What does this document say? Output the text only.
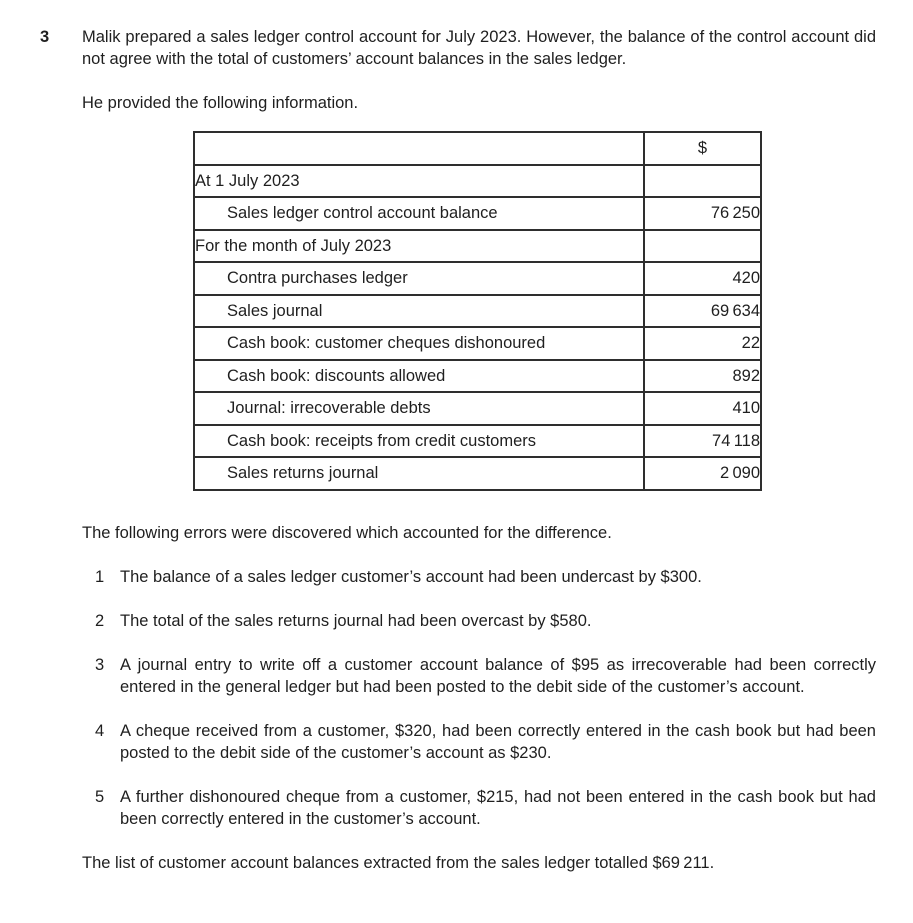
3 Malik prepared a sales ledger control account for July 2023. However, the balance of the control account did not agree with the total of customers’ account balances in the sales ledger.
He provided the following information.
	$
At 1 July 2023	
Sales ledger control account balance	76 250
For the month of July 2023	
Contra purchases ledger	420
Sales journal	69 634
Cash book: customer cheques dishonoured	22
Cash book: discounts allowed	892
Journal: irrecoverable debts	410
Cash book: receipts from credit customers	74 118
Sales returns journal	2 090
The following errors were discovered which accounted for the difference.
1 The balance of a sales ledger customer’s account had been undercast by $300.
2 The total of the sales returns journal had been overcast by $580.
3 A journal entry to write off a customer account balance of $95 as irrecoverable had been correctly entered in the general ledger but had been posted to the debit side of the customer’s account.
4 A cheque received from a customer, $320, had been correctly entered in the cash book but had been posted to the debit side of the customer’s account as $230.
5 A further dishonoured cheque from a customer, $215, had not been entered in the cash book but had been correctly entered in the customer’s account.
The list of customer account balances extracted from the sales ledger totalled $69 211.
